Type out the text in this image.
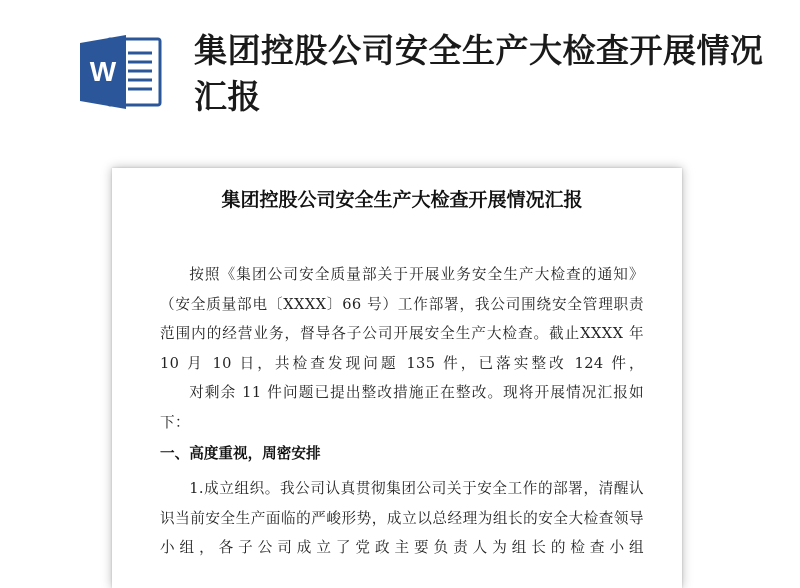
W
集团控股公司安全生产大检查开展情况汇报
集团控股公司安全生产大检查开展情况汇报

按照《集团公司安全质量部关于开展业务安全生产大检查的通知》（安全质量部电〔XXXX〕66 号）工作部署，我公司围绕安全管理职责范围内的经营业务，督导各子公司开展安全生产大检查。截止XXXX 年 10 月 10 日，共检查发现问题 135 件，已落实整改 124 件，
对剩余 11 件问题已提出整改措施正在整改。现将开展情况汇报如下：

一、高度重视，周密安排

1.成立组织。我公司认真贯彻集团公司关于安全工作的部署，清醒认识当前安全生产面临的严峻形势，成立以总经理为组长的安全大检查领导小组，各子公司成立了党政主要负责人为组长的检查小组
